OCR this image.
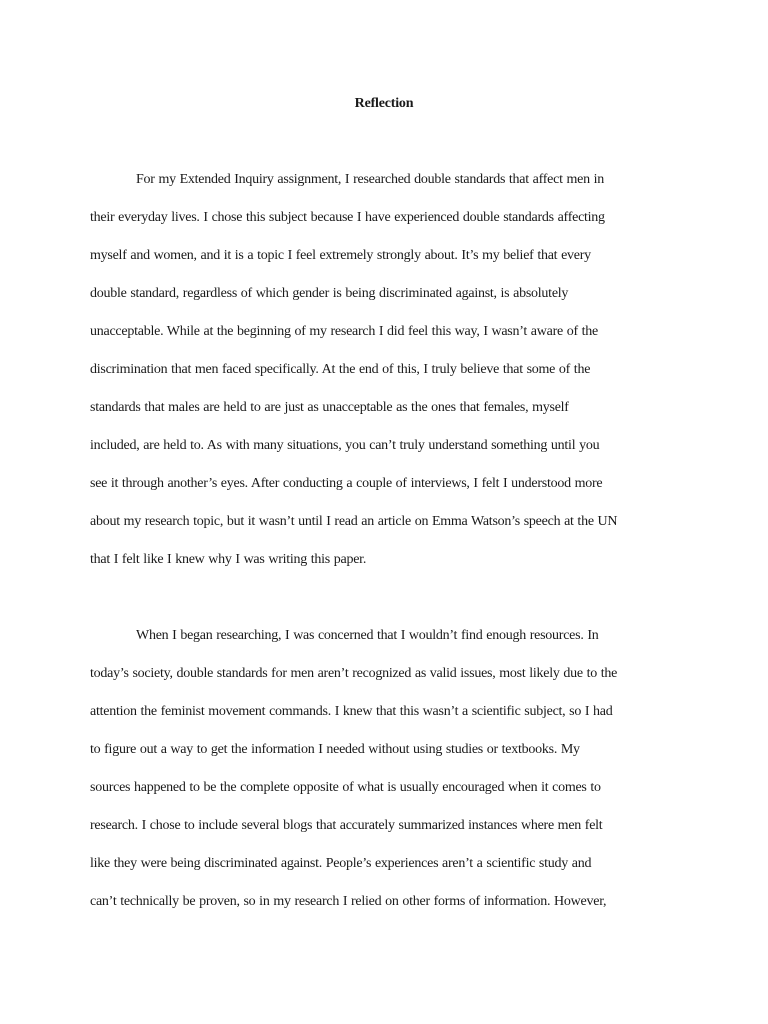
Reflection
For my Extended Inquiry assignment, I researched double standards that affect men in
their everyday lives. I chose this subject because I have experienced double standards affecting
myself and women, and it is a topic I feel extremely strongly about. It’s my belief that every
double standard, regardless of which gender is being discriminated against, is absolutely
unacceptable. While at the beginning of my research I did feel this way, I wasn’t aware of the
discrimination that men faced specifically. At the end of this, I truly believe that some of the
standards that males are held to are just as unacceptable as the ones that females, myself
included, are held to. As with many situations, you can’t truly understand something until you
see it through another’s eyes. After conducting a couple of interviews, I felt I understood more
about my research topic, but it wasn’t until I read an article on Emma Watson’s speech at the UN
that I felt like I knew why I was writing this paper.
When I began researching, I was concerned that I wouldn’t find enough resources. In
today’s society, double standards for men aren’t recognized as valid issues, most likely due to the
attention the feminist movement commands. I knew that this wasn’t a scientific subject, so I had
to figure out a way to get the information I needed without using studies or textbooks. My
sources happened to be the complete opposite of what is usually encouraged when it comes to
research. I chose to include several blogs that accurately summarized instances where men felt
like they were being discriminated against. People’s experiences aren’t a scientific study and
can’t technically be proven, so in my research I relied on other forms of information. However,
